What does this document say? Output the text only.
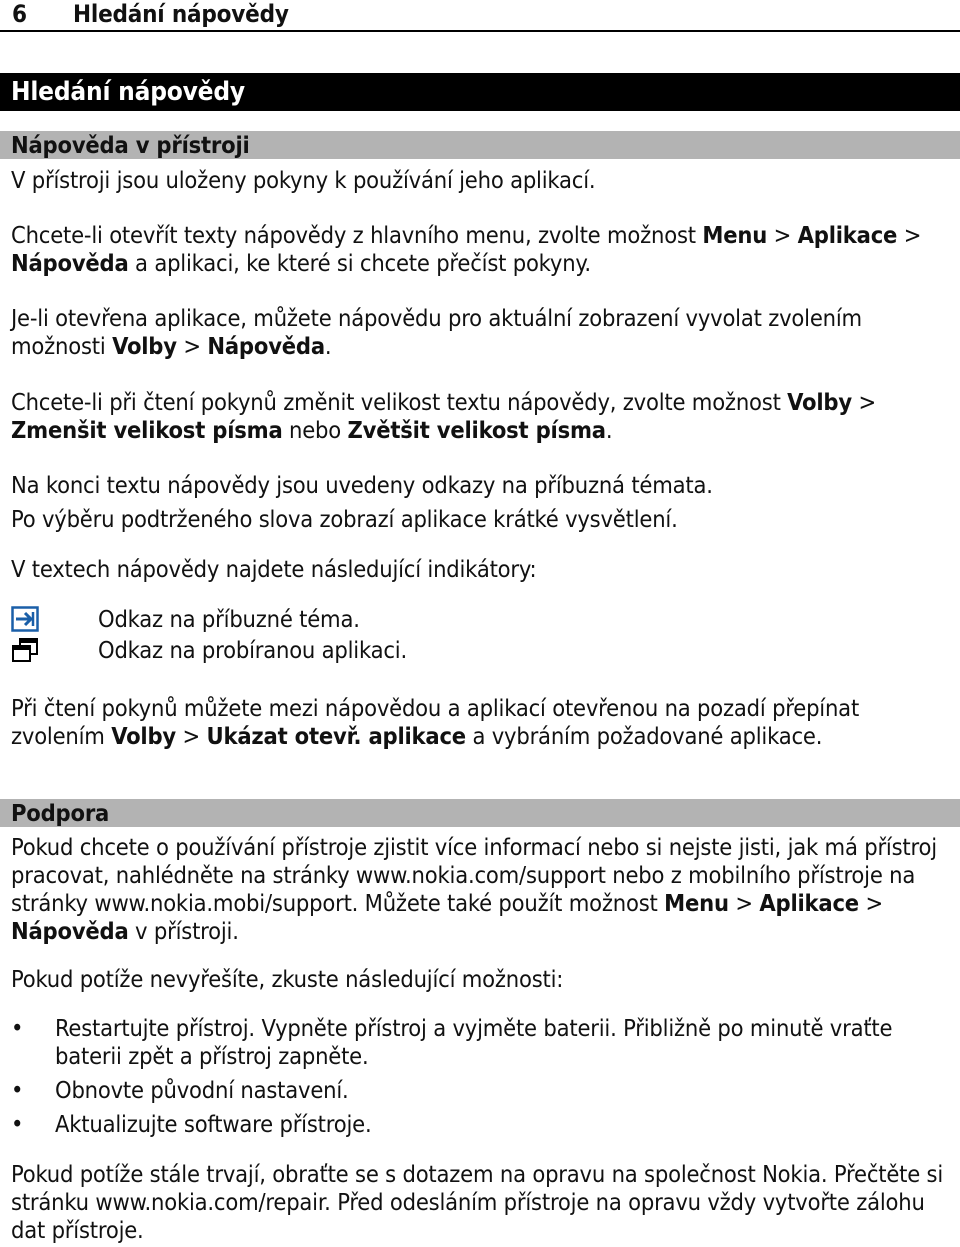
6 Hledání nápovědy
Hledání nápovědy
Nápověda v přístroji

V přístroji jsou uloženy pokyny k používání jeho aplikací.

Chcete-li otevřít texty nápovědy z hlavního menu, zvolte možnost Menu > Aplikace > Nápověda a aplikaci, ke které si chcete přečíst pokyny.

Je-li otevřena aplikace, můžete nápovědu pro aktuální zobrazení vyvolat zvolením možnosti Volby > Nápověda.

Chcete-li při čtení pokynů změnit velikost textu nápovědy, zvolte možnost Volby > Zmenšit velikost písma nebo Zvětšit velikost písma.

Na konci textu nápovědy jsou uvedeny odkazy na příbuzná témata.

Po výběru podtrženého slova zobrazí aplikace krátké vysvětlení.

V textech nápovědy najdete následující indikátory:

Odkaz na příbuzné téma.
Odkaz na probíranou aplikaci.

Při čtení pokynů můžete mezi nápovědou a aplikací otevřenou na pozadí přepínat zvolením Volby > Ukázat otevř. aplikace a vybráním požadované aplikace.

Podpora

Pokud chcete o používání přístroje zjistit více informací nebo si nejste jisti, jak má přístroj pracovat, nahlédněte na stránky www.nokia.com/support nebo z mobilního přístroje na stránky www.nokia.mobi/support. Můžete také použít možnost Menu > Aplikace > Nápověda v přístroji.

Pokud potíže nevyřešíte, zkuste následující možnosti:

• Restartujte přístroj. Vypněte přístroj a vyjměte baterii. Přibližně po minutě vraťte baterii zpět a přístroj zapněte.
• Obnovte původní nastavení.
• Aktualizujte software přístroje.

Pokud potíže stále trvají, obraťte se s dotazem na opravu na společnost Nokia. Přečtěte si stránku www.nokia.com/repair. Před odesláním přístroje na opravu vždy vytvořte zálohu dat přístroje.
